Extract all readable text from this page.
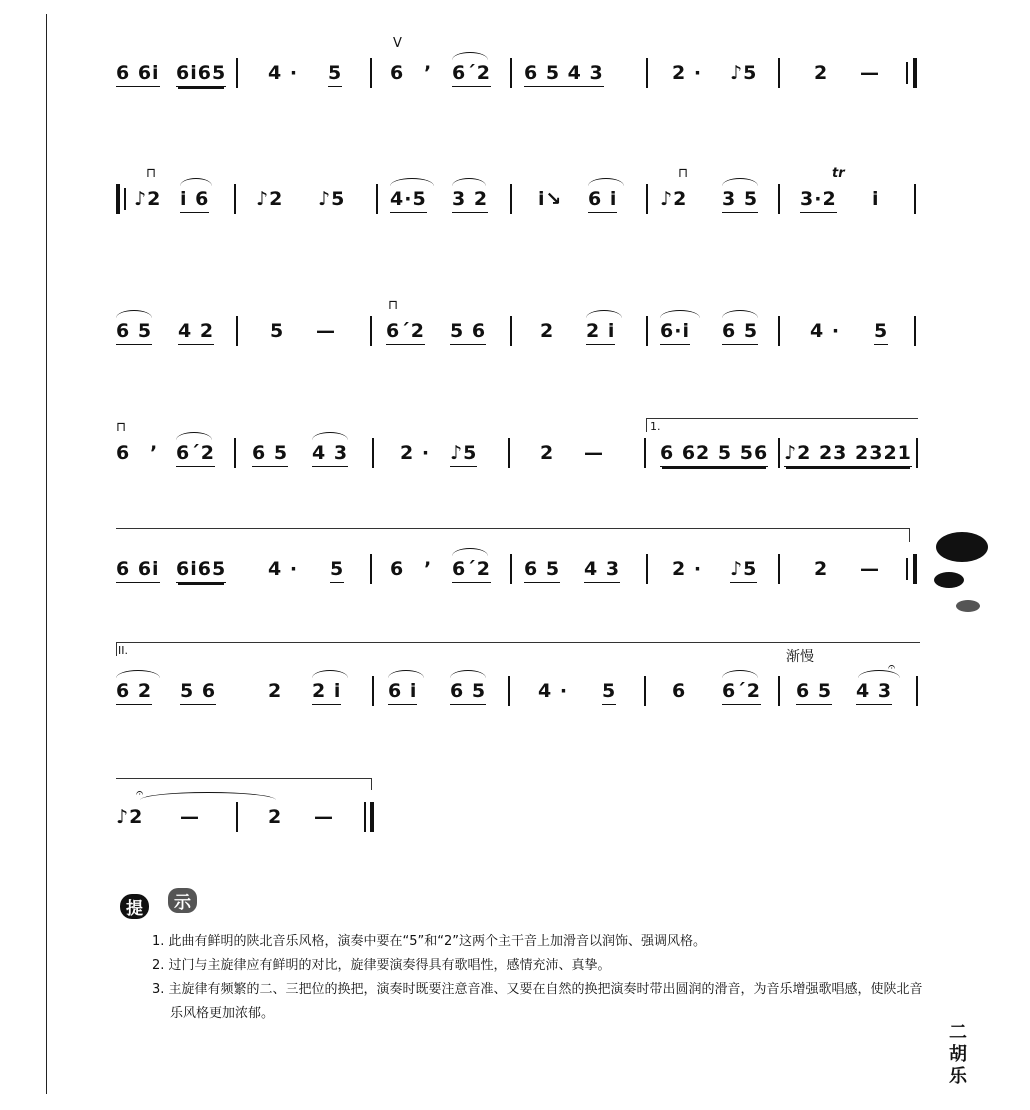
V
6 6i 6i65 4 · 5	6 ’ 6ˊ2 6 5 4 3	2 · ♪5	2 —
⊓
♪2 i 6 ♪2 ♪5 4·5 3 2	i↘ 6 i
⊓
♪2 3 5
tr
3·2 i
6 5 4 2	5 —
⊓
6ˊ2 5 6	2 2 i 6·i 6 5	4 · 5
⊓
6 ’ 6ˊ2 6 5 4 3	2 · ♪5	2 —
1.
6 62 5 56 ♪2 23 2321
6 6i 6i65 4 · 5 6 ’ 6ˊ2 6 5 4 3	2 · ♪5	2 —
II.	渐慢
𝄐
6 2 5 6	2 2 i 6 i 6 5	4 · 5	6 6ˊ2 6 5 4 3
𝄐
♪2 —	2 —
提	示
1. 此曲有鲜明的陕北音乐风格，演奏中要在“5”和“2”这两个主干音上加滑音以润饰、强调风格。
2. 过门与主旋律应有鲜明的对比，旋律要演奏得具有歌唱性，感情充沛、真挚。
3. 主旋律有频繁的二、三把位的换把，演奏时既要注意音准、又要在自然的换把演奏时带出圆润的滑音，为音乐增强歌唱感，使陕北音乐风格更加浓郁。
二胡乐
